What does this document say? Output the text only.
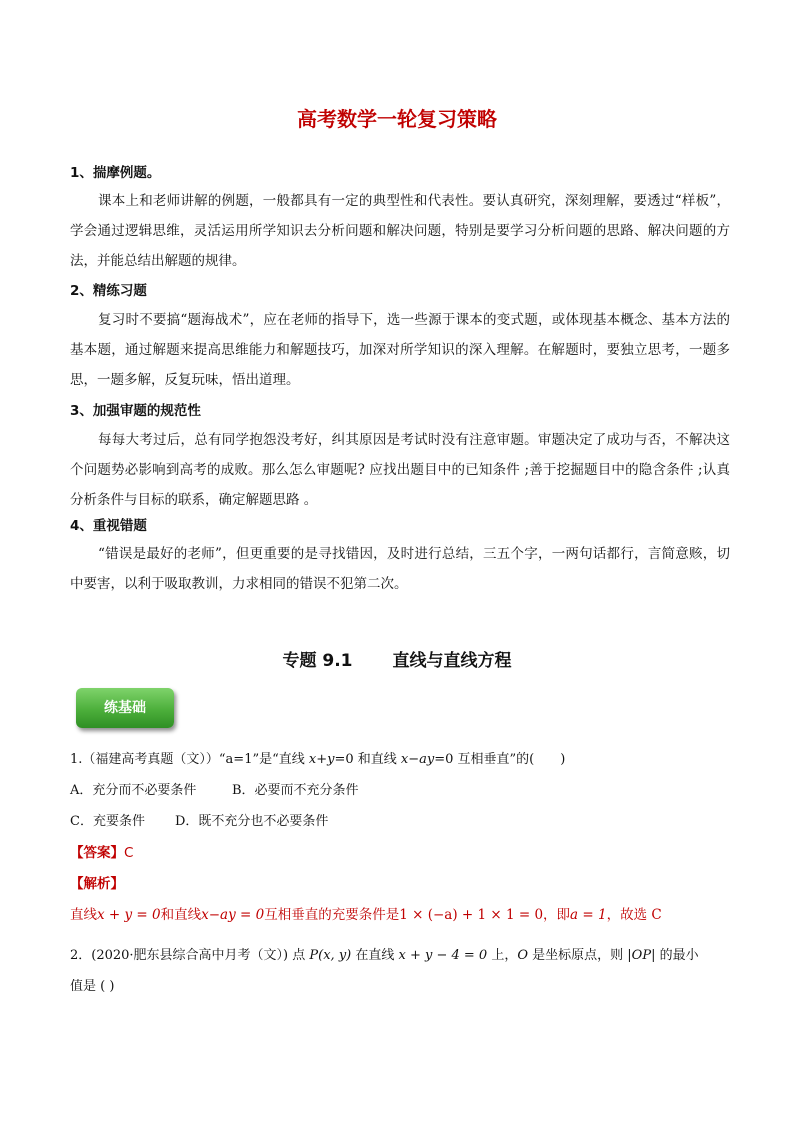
高考数学一轮复习策略
1、揣摩例题。

课本上和老师讲解的例题，一般都具有一定的典型性和代表性。要认真研究，深刻理解，要透过“样板”，学会通过逻辑思维，灵活运用所学知识去分析问题和解决问题，特别是要学习分析问题的思路、解决问题的方法，并能总结出解题的规律。

2、精练习题

复习时不要搞“题海战术”，应在老师的指导下，选一些源于课本的变式题，或体现基本概念、基本方法的基本题，通过解题来提高思维能力和解题技巧，加深对所学知识的深入理解。在解题时，要独立思考，一题多思，一题多解，反复玩味，悟出道理。

3、加强审题的规范性

每每大考过后，总有同学抱怨没考好，纠其原因是考试时没有注意审题。审题决定了成功与否，不解决这个问题势必影响到高考的成败。那么怎么审题呢? 应找出题目中的已知条件 ;善于挖掘题目中的隐含条件 ;认真分析条件与目标的联系，确定解题思路 。

4、重视错题

“错误是最好的老师”，但更重要的是寻找错因，及时进行总结，三五个字，一两句话都行，言简意赅，切中要害，以利于吸取教训，力求相同的错误不犯第二次。

专题 9.1 直线与直线方程
练基础
1.（福建高考真题（文））“a=1”是“直线 x+y=0 和直线 x−ay=0 互相垂直”的(　　)
A．充分而不必要条件	B．必要而不充分条件
C．充要条件 D．既不充分也不必要条件
【答案】C
【解析】
直线x + y = 0和直线x−ay = 0互相垂直的充要条件是1 × (−a) + 1 × 1 = 0，即a = 1，故选 C
2．(2020·肥东县综合高中月考（文）) 点 P(x, y) 在直线 x + y − 4 = 0 上，O 是坐标原点，则 |OP| 的最小
值是 ( )
